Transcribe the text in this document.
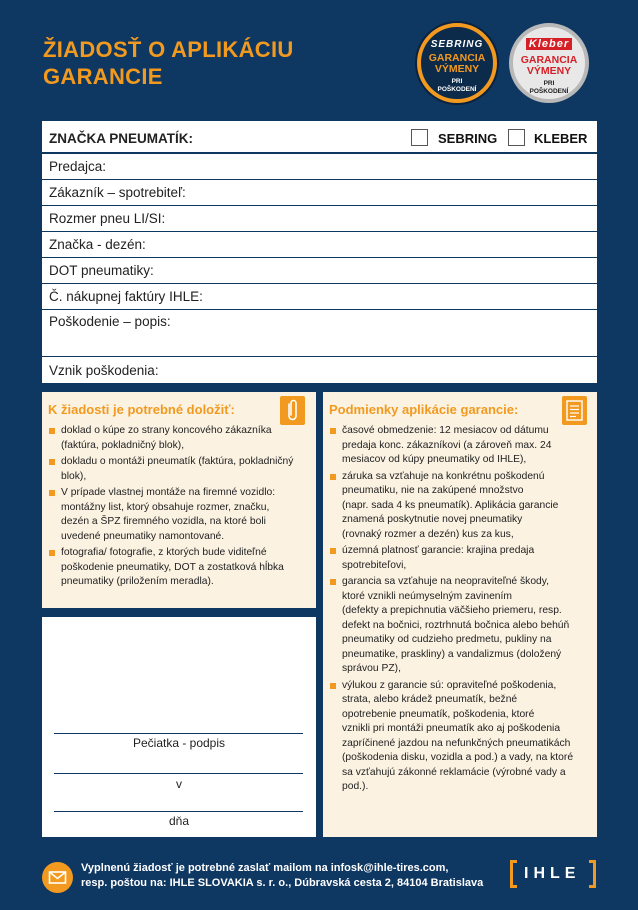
ŽIADOSŤ O APLIKÁCIU
GARANCIE
SEBRING
GARANCIA
VÝMENY
PRI
POŠKODENÍ
Kleber
GARANCIA
VÝMENY
PRI
POŠKODENÍ
ZNAČKA PNEUMATÍK:	SEBRING	KLEBER
Predajca:
Zákazník – spotrebiteľ:
Rozmer pneu LI/SI:
Značka - dezén:
DOT pneumatiky:
Č. nákupnej faktúry IHLE:
Poškodenie – popis:
Vznik poškodenia:
K žiadosti je potrebné doložiť:
doklad o kúpe zo strany koncového zákazníka
(faktúra, pokladničný blok),
dokladu o montáži pneumatík (faktúra, pokladničný
blok),
V prípade vlastnej montáže na firemné vozidlo:
montážny list, ktorý obsahuje rozmer, značku,
dezén a ŠPZ firemného vozidla, na ktoré boli
uvedené pneumatiky namontované.
fotografia/ fotografie, z ktorých bude viditeľné
poškodenie pneumatiky, DOT a zostatková hĺbka
pneumatiky (priložením meradla).
Podmienky aplikácie garancie:
časové obmedzenie: 12 mesiacov od dátumu
predaja konc. zákazníkovi (a zároveň max. 24
mesiacov od kúpy pneumatiky od IHLE),
záruka sa vzťahuje na konkrétnu poškodenú
pneumatiku, nie na zakúpené množstvo
(napr. sada 4 ks pneumatík). Aplikácia garancie
znamená poskytnutie novej pneumatiky
(rovnaký rozmer a dezén) kus za kus,
územná platnosť garancie: krajina predaja
spotrebiteľovi,
garancia sa vzťahuje na neopraviteľné škody,
ktoré vznikli neúmyselným zavinením
(defekty a prepichnutia väčšieho priemeru, resp.
defekt na bočnici, roztrhnutá bočnica alebo behúň
pneumatiky od cudzieho predmetu, pukliny na
pneumatike, praskliny) a vandalizmus (doložený
správou PZ),
výlukou z garancie sú: opraviteľné poškodenia,
strata, alebo krádež pneumatík, bežné
opotrebenie pneumatík, poškodenia, ktoré
vznikli pri montáži pneumatík ako aj poškodenia
zapríčinené jazdou na nefunkčných pneumatikách
(poškodenia disku, vozidla a pod.) a vady, na ktoré
sa vzťahujú zákonné reklamácie (výrobné vady a
pod.).
Pečiatka - podpis
v
dňa
Vyplnenú žiadosť je potrebné zaslať mailom na infosk@ihle-tires.com,
resp. poštou na: IHLE SLOVAKIA s. r. o., Dúbravská cesta 2, 84104 Bratislava
IHLE
